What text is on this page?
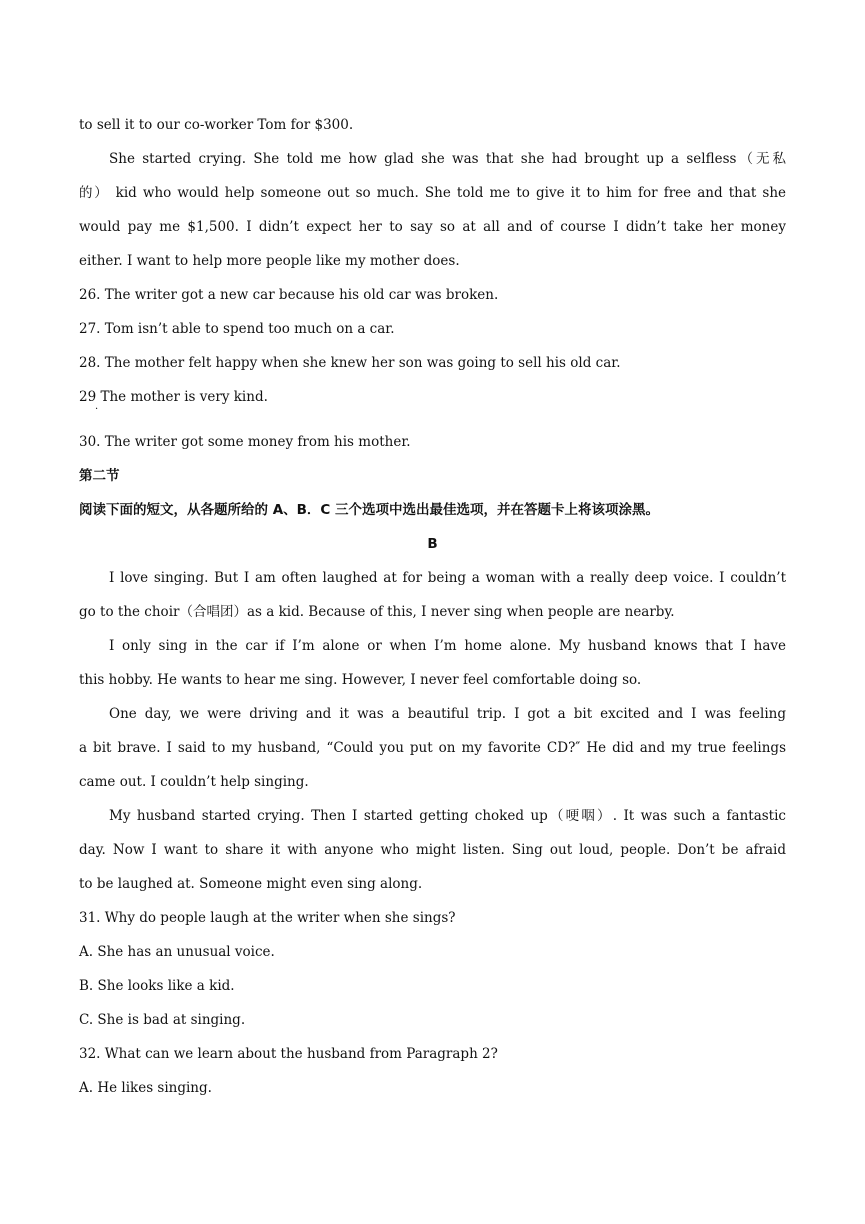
to sell it to our co-worker Tom for $300.

She started crying. She told me how glad she was that she had brought up a selfless（无私

的） kid who would help someone out so much. She told me to give it to him for free and that she

would pay me $1,500. I didn’t expect her to say so at all and of course I didn’t take her money

either. I want to help more people like my mother does.

26. The writer got a new car because his old car was broken.

27. Tom isn’t able to spend too much on a car.

28. The mother felt happy when she knew her son was going to sell his old car.

29 The mother is very kind.
·

30. The writer got some money from his mother.

第二节

阅读下面的短文，从各题所给的 A、B．C 三个选项中选出最佳选项，并在答题卡上将该项涂黑。

B

I love singing. But I am often laughed at for being a woman with a really deep voice. I couldn’t

go to the choir（合唱团）as a kid. Because of this, I never sing when people are nearby.

I only sing in the car if I’m alone or when I’m home alone. My husband knows that I have

this hobby. He wants to hear me sing. However, I never feel comfortable doing so.

One day, we were driving and it was a beautiful trip. I got a bit excited and I was feeling

a bit brave. I said to my husband, “Could you put on my favorite CD?″ He did and my true feelings

came out. I couldn’t help singing.

My husband started crying. Then I started getting choked up（哽咽）. It was such a fantastic

day. Now I want to share it with anyone who might listen. Sing out loud, people. Don’t be afraid

to be laughed at. Someone might even sing along.

31. Why do people laugh at the writer when she sings?

A. She has an unusual voice.

B. She looks like a kid.

C. She is bad at singing.

32. What can we learn about the husband from Paragraph 2?

A. He likes singing.
